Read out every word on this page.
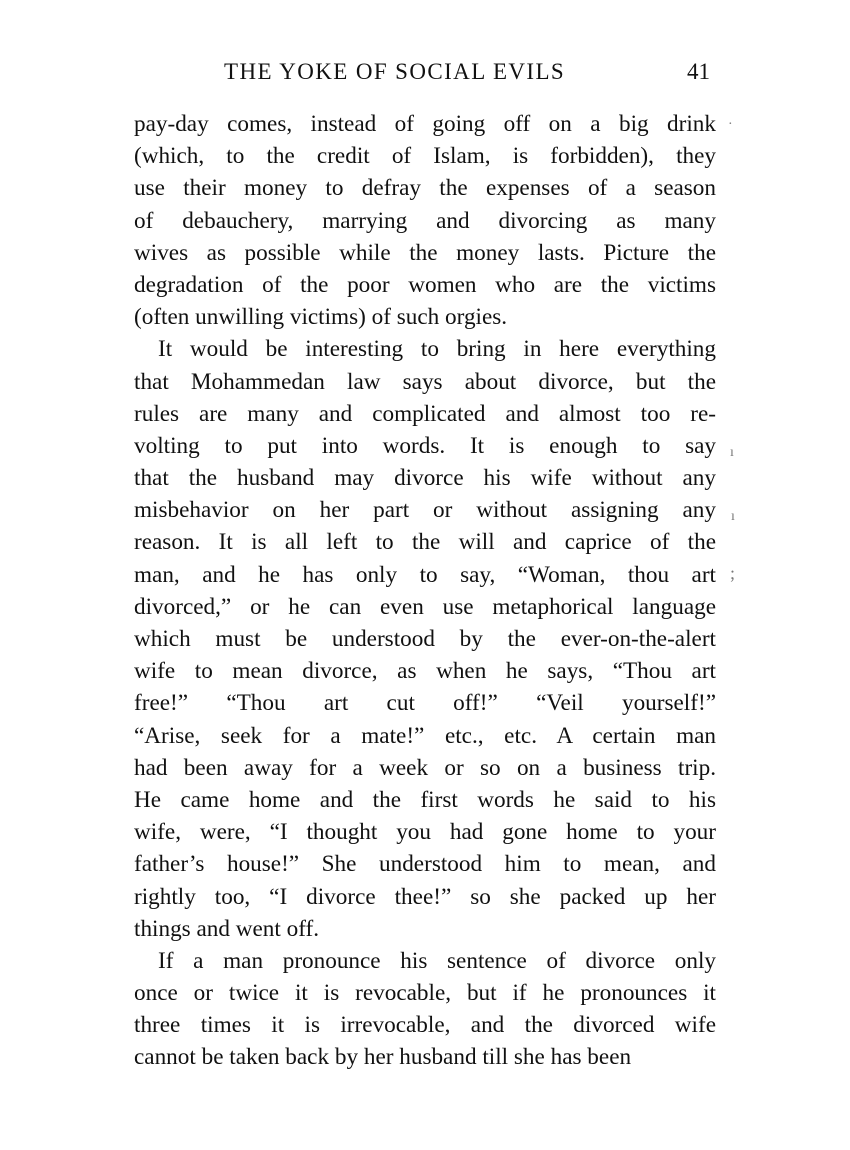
THE YOKE OF SOCIAL EVILS	41
pay-day comes, instead of going off on a big drink
(which, to the credit of Islam, is forbidden), they
use their money to defray the expenses of a season
of debauchery, marrying and divorcing as many
wives as possible while the money lasts. Picture the
degradation of the poor women who are the victims
(often unwilling victims) of such orgies.
It would be interesting to bring in here everything
that Mohammedan law says about divorce, but the
rules are many and complicated and almost too re-
volting to put into words. It is enough to say
that the husband may divorce his wife without any
misbehavior on her part or without assigning any
reason. It is all left to the will and caprice of the
man, and he has only to say, “Woman, thou art
divorced,” or he can even use metaphorical language
which must be understood by the ever-on-the-alert
wife to mean divorce, as when he says, “Thou art
free!” “Thou art cut off!” “Veil yourself!”
“Arise, seek for a mate!” etc., etc. A certain man
had been away for a week or so on a business trip.
He came home and the first words he said to his
wife, were, “I thought you had gone home to your
father’s house!” She understood him to mean, and
rightly too, “I divorce thee!” so she packed up her
things and went off.
If a man pronounce his sentence of divorce only
once or twice it is revocable, but if he pronounces it
three times it is irrevocable, and the divorced wife
cannot be taken back by her husband till she has been
·
ı
ı
;
